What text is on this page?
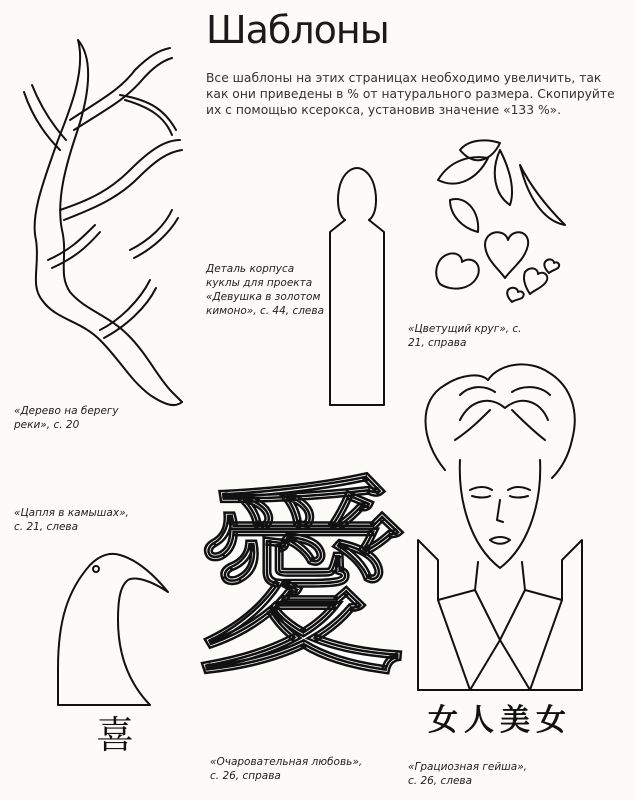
Шаблоны
Все шаблоны на этих страницах необходимо увеличить, так как они приведены в % от натурального размера. Скопируйте их с помощью ксерокса, установив значение «133 %».
愛
喜	女人美女
«Дерево на берегу реки», с. 20
Деталь корпуса куклы для проекта «Девушка в золотом кимоно», с. 44, слева
«Цветущий круг», с. 21, справа
«Цапля в камышах», с. 21, слева
«Очаровательная любовь», с. 26, справа
«Грациозная гейша», с. 26, слева
